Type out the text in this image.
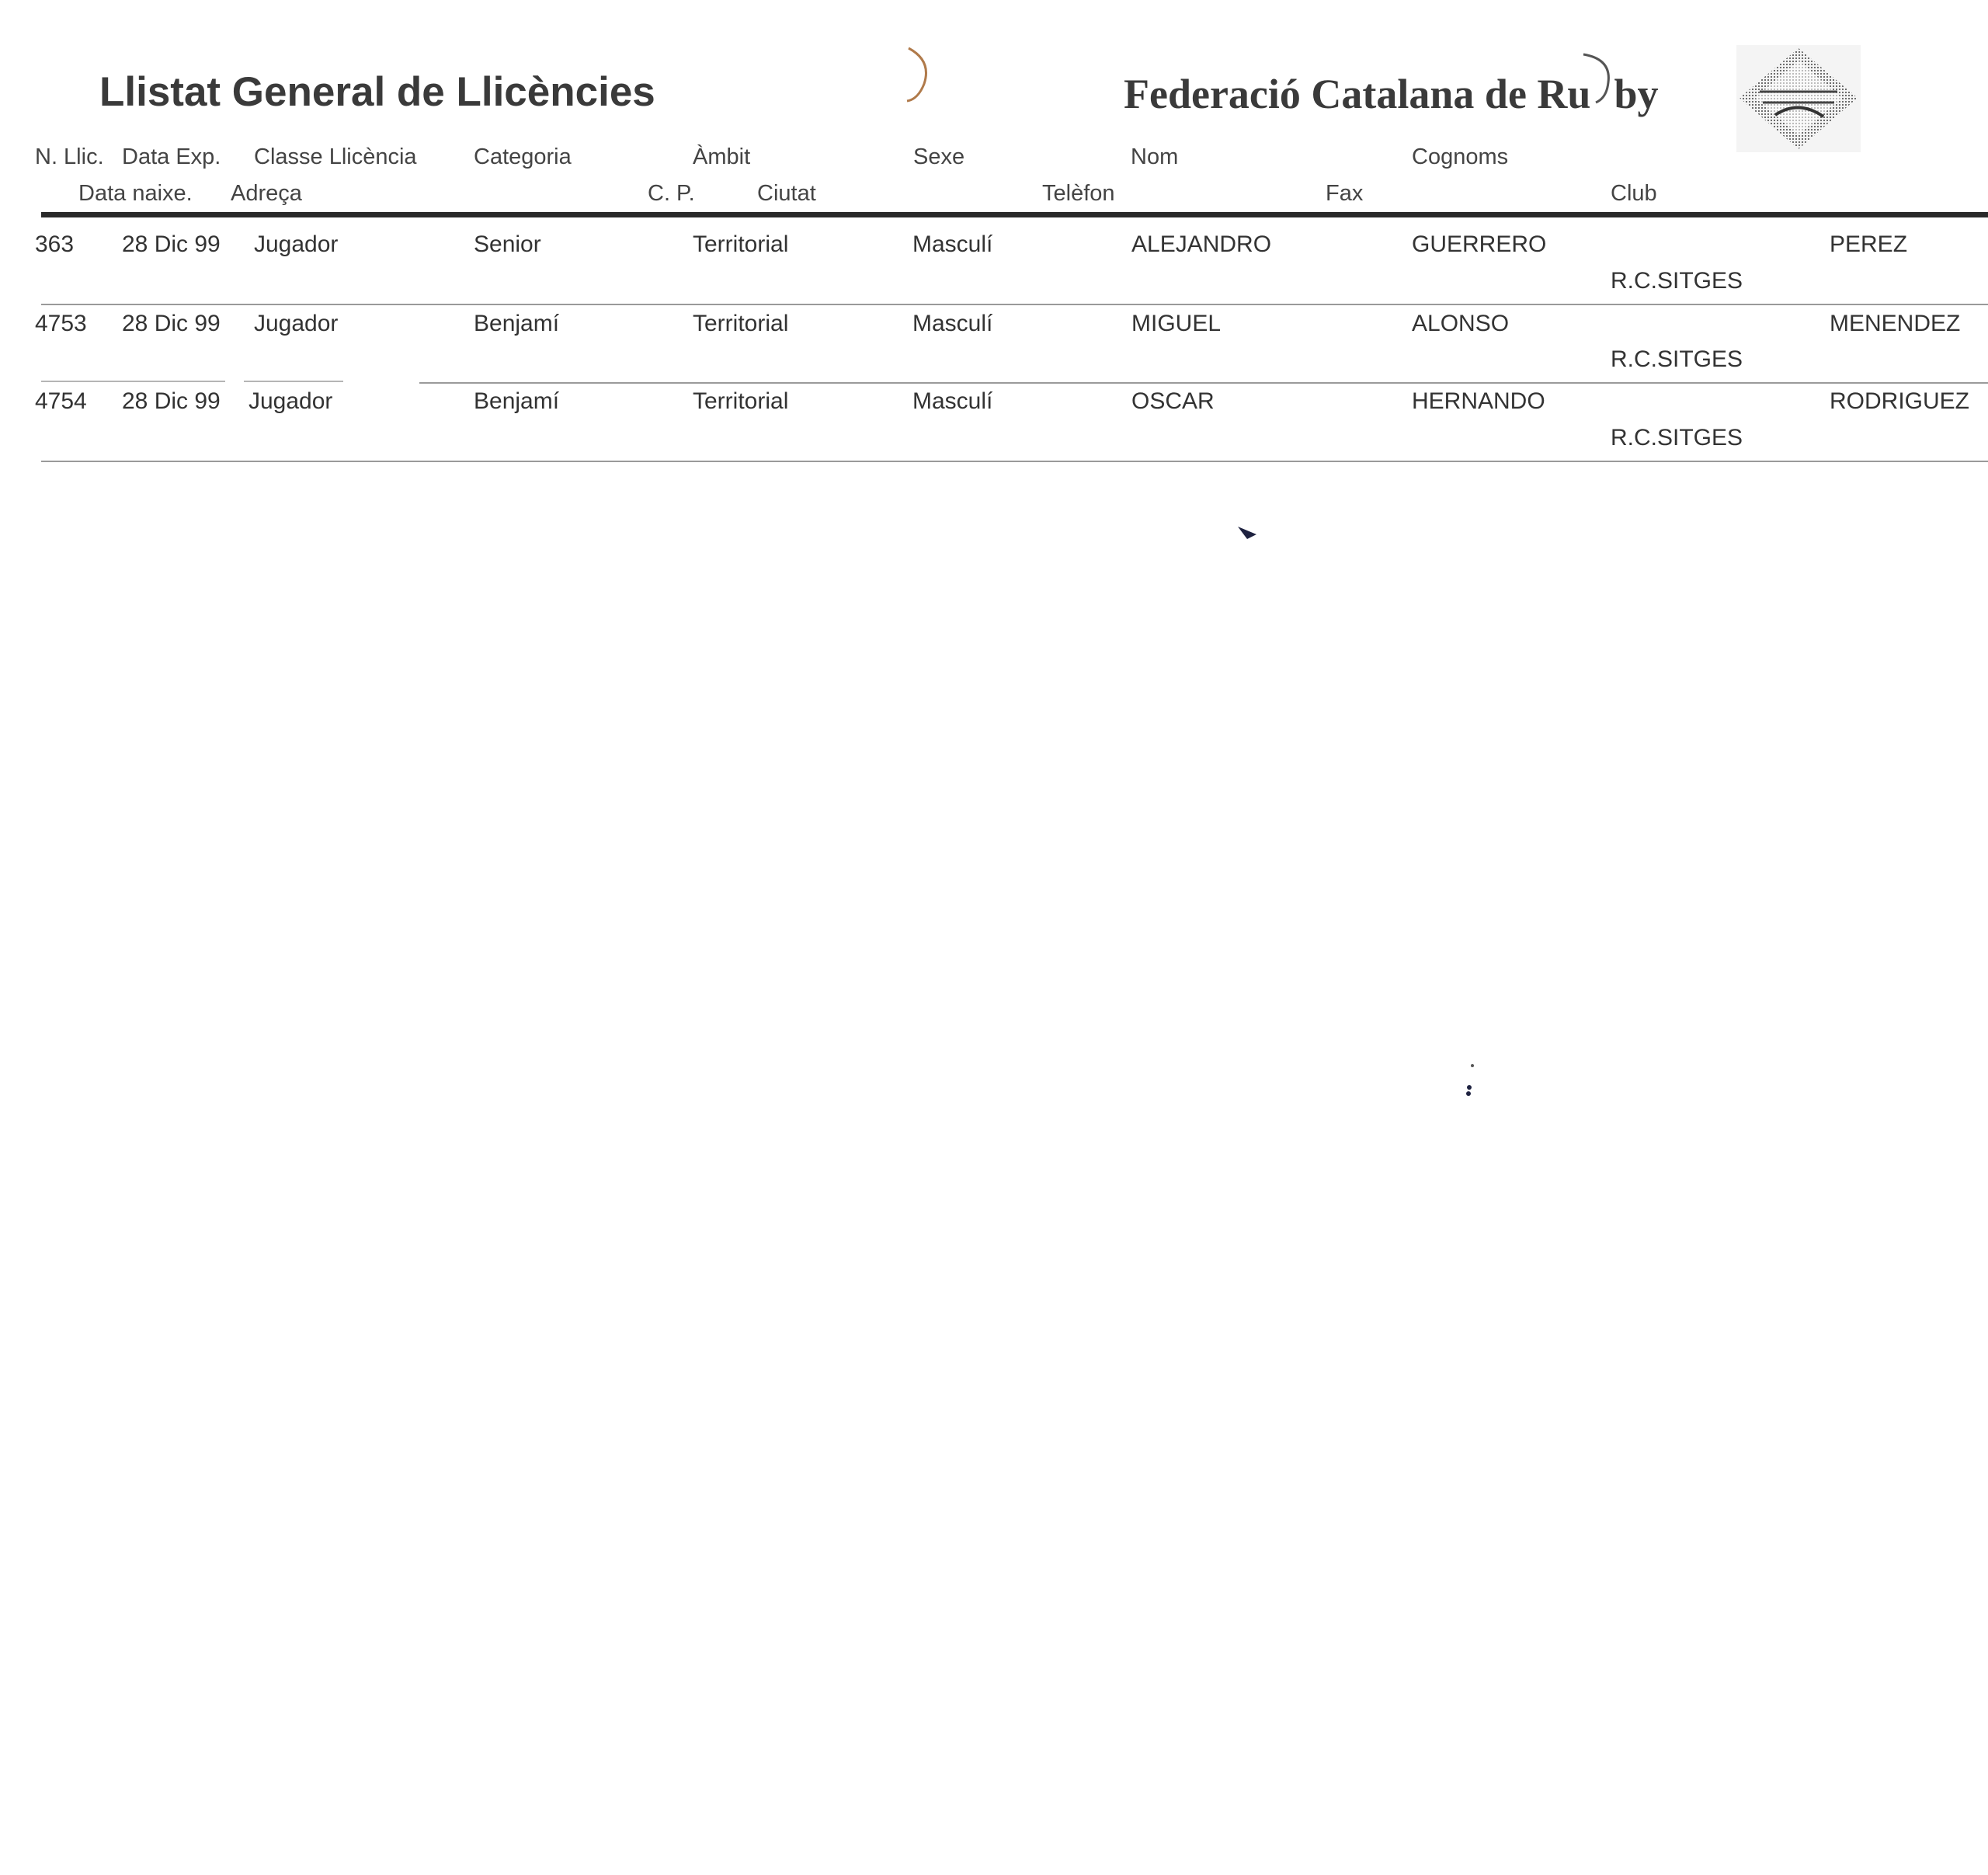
Llistat General de Llicències	Federació Catalana de Ru by
N. Llic. Data Exp. Classe Llicència	Categoria	Àmbit	Sexe	Nom	Cognoms
Data naixe. Adreça	C. P.	Ciutat	Telèfon	Fax	Club
363 28 Dic 99 Jugador	Senior	Territorial	Masculí	ALEJANDRO	GUERRERO	PEREZ
R.C.SITGES
4753 28 Dic 99 Jugador	Benjamí	Territorial	Masculí	MIGUEL	ALONSO	MENENDEZ
R.C.SITGES
4754 28 Dic 99 Jugador	Benjamí	Territorial	Masculí	OSCAR	HERNANDO	RODRIGUEZ
R.C.SITGES
